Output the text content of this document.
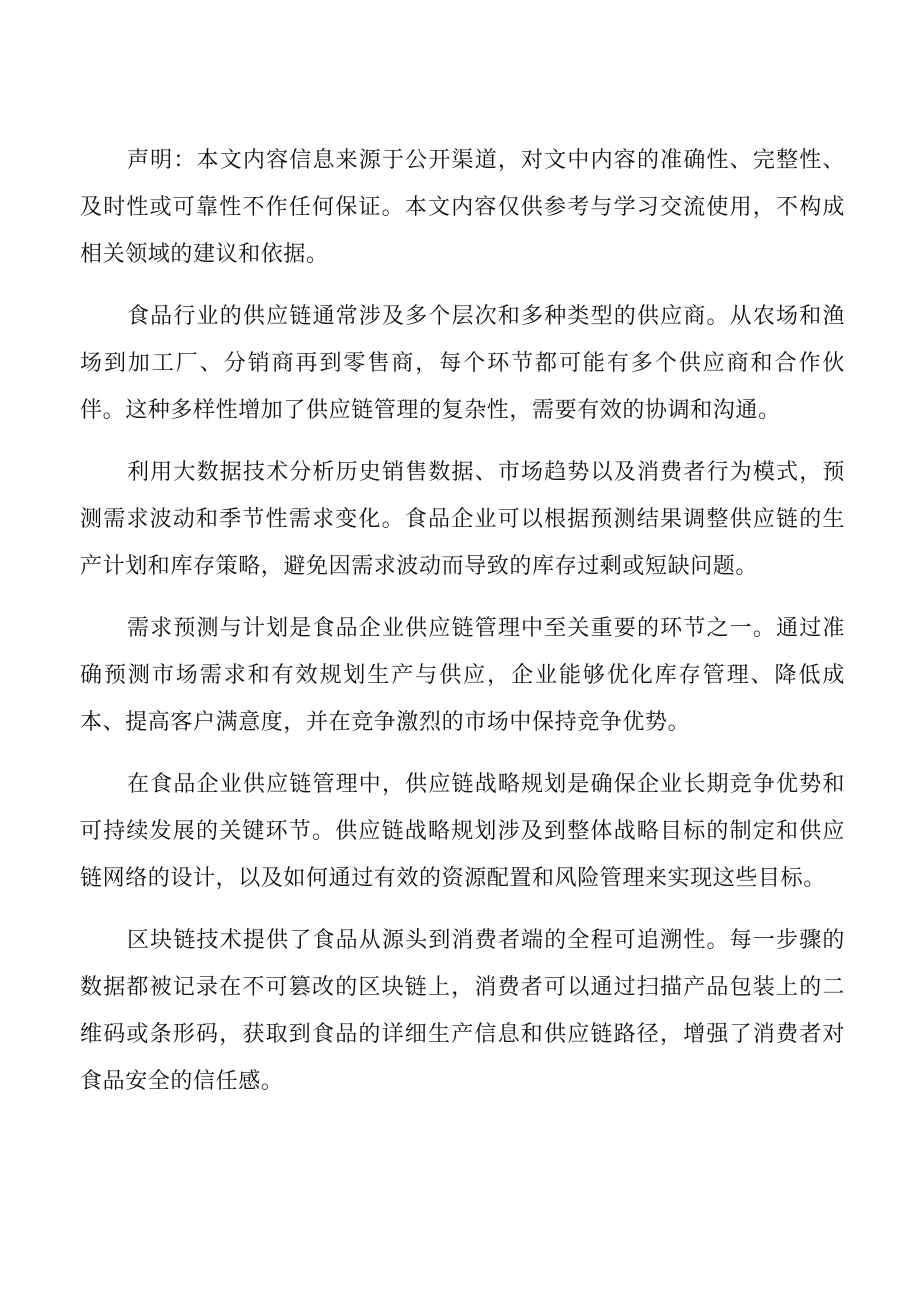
声明：本文内容信息来源于公开渠道，对文中内容的准确性、完整性、及时性或可靠性不作任何保证。本文内容仅供参考与学习交流使用，不构成相关领域的建议和依据。

食品行业的供应链通常涉及多个层次和多种类型的供应商。从农场和渔场到加工厂、分销商再到零售商，每个环节都可能有多个供应商和合作伙伴。这种多样性增加了供应链管理的复杂性，需要有效的协调和沟通。

利用大数据技术分析历史销售数据、市场趋势以及消费者行为模式，预测需求波动和季节性需求变化。食品企业可以根据预测结果调整供应链的生产计划和库存策略，避免因需求波动而导致的库存过剩或短缺问题。

需求预测与计划是食品企业供应链管理中至关重要的环节之一。通过准确预测市场需求和有效规划生产与供应，企业能够优化库存管理、降低成本、提高客户满意度，并在竞争激烈的市场中保持竞争优势。

在食品企业供应链管理中，供应链战略规划是确保企业长期竞争优势和可持续发展的关键环节。供应链战略规划涉及到整体战略目标的制定和供应链网络的设计，以及如何通过有效的资源配置和风险管理来实现这些目标。

区块链技术提供了食品从源头到消费者端的全程可追溯性。每一步骤的数据都被记录在不可篡改的区块链上，消费者可以通过扫描产品包装上的二维码或条形码，获取到食品的详细生产信息和供应链路径，增强了消费者对食品安全的信任感。
